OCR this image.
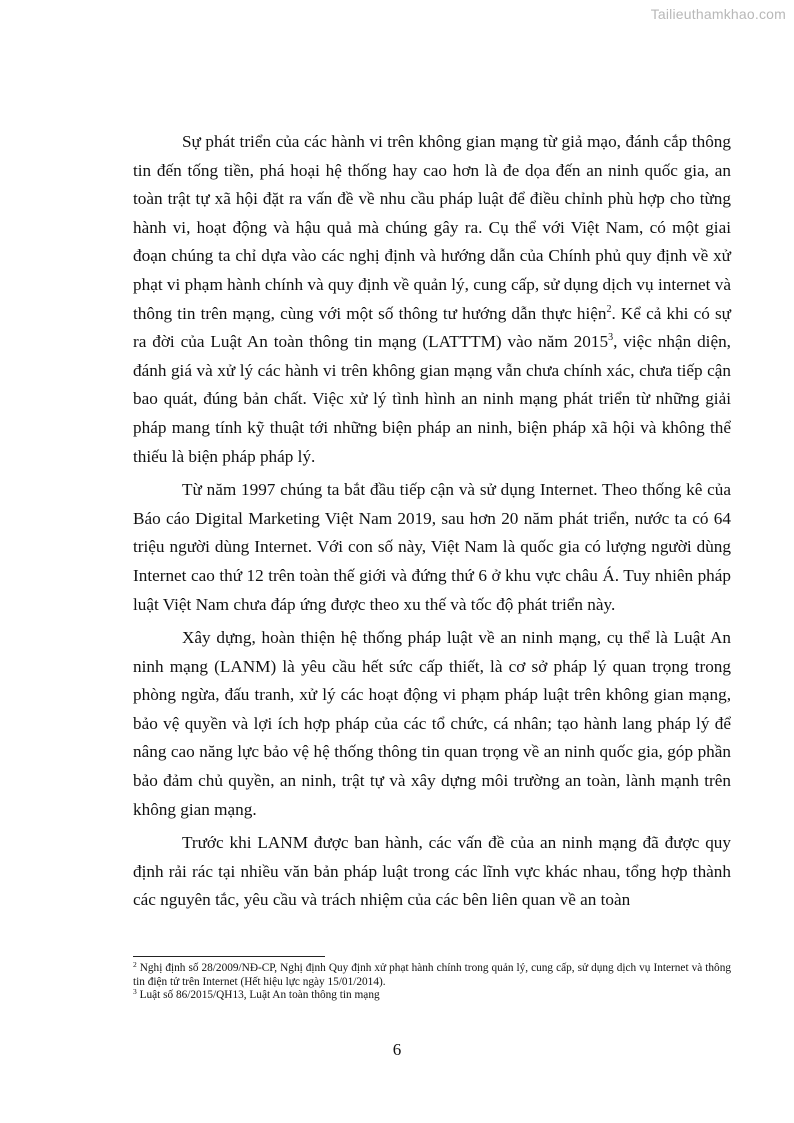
Tailieuthamkhao.com

Sự phát triển của các hành vi trên không gian mạng từ giả mạo, đánh cắp thông tin đến tống tiền, phá hoại hệ thống hay cao hơn là đe dọa đến an ninh quốc gia, an toàn trật tự xã hội đặt ra vấn đề về nhu cầu pháp luật để điều chỉnh phù hợp cho từng hành vi, hoạt động và hậu quả mà chúng gây ra. Cụ thể với Việt Nam, có một giai đoạn chúng ta chỉ dựa vào các nghị định và hướng dẫn của Chính phủ quy định về xử phạt vi phạm hành chính và quy định về quản lý, cung cấp, sử dụng dịch vụ internet và thông tin trên mạng, cùng với một số thông tư hướng dẫn thực hiện$^2$. Kể cả khi có sự ra đời của Luật An toàn thông tin mạng (LATTTM) vào năm 2015$^3$, việc nhận diện, đánh giá và xử lý các hành vi trên không gian mạng vẫn chưa chính xác, chưa tiếp cận bao quát, đúng bản chất. Việc xử lý tình hình an ninh mạng phát triển từ những giải pháp mang tính kỹ thuật tới những biện pháp an ninh, biện pháp xã hội và không thể thiếu là biện pháp pháp lý.

Từ năm 1997 chúng ta bắt đầu tiếp cận và sử dụng Internet. Theo thống kê của Báo cáo Digital Marketing Việt Nam 2019, sau hơn 20 năm phát triển, nước ta có 64 triệu người dùng Internet. Với con số này, Việt Nam là quốc gia có lượng người dùng Internet cao thứ 12 trên toàn thế giới và đứng thứ 6 ở khu vực châu Á. Tuy nhiên pháp luật Việt Nam chưa đáp ứng được theo xu thế và tốc độ phát triển này.

Xây dựng, hoàn thiện hệ thống pháp luật về an ninh mạng, cụ thể là Luật An ninh mạng (LANM) là yêu cầu hết sức cấp thiết, là cơ sở pháp lý quan trọng trong phòng ngừa, đấu tranh, xử lý các hoạt động vi phạm pháp luật trên không gian mạng, bảo vệ quyền và lợi ích hợp pháp của các tổ chức, cá nhân; tạo hành lang pháp lý để nâng cao năng lực bảo vệ hệ thống thông tin quan trọng về an ninh quốc gia, góp phần bảo đảm chủ quyền, an ninh, trật tự và xây dựng môi trường an toàn, lành mạnh trên không gian mạng.

Trước khi LANM được ban hành, các vấn đề của an ninh mạng đã được quy định rải rác tại nhiều văn bản pháp luật trong các lĩnh vực khác nhau, tổng hợp thành các nguyên tắc, yêu cầu và trách nhiệm của các bên liên quan về an toàn

$^2$ Nghị định số 28/2009/NĐ-CP, Nghị định Quy định xử phạt hành chính trong quản lý, cung cấp, sử dụng dịch vụ Internet và thông tin điện tử trên Internet (Hết hiệu lực ngày 15/01/2014).

$^3$ Luật số 86/2015/QH13, Luật An toàn thông tin mạng

6
